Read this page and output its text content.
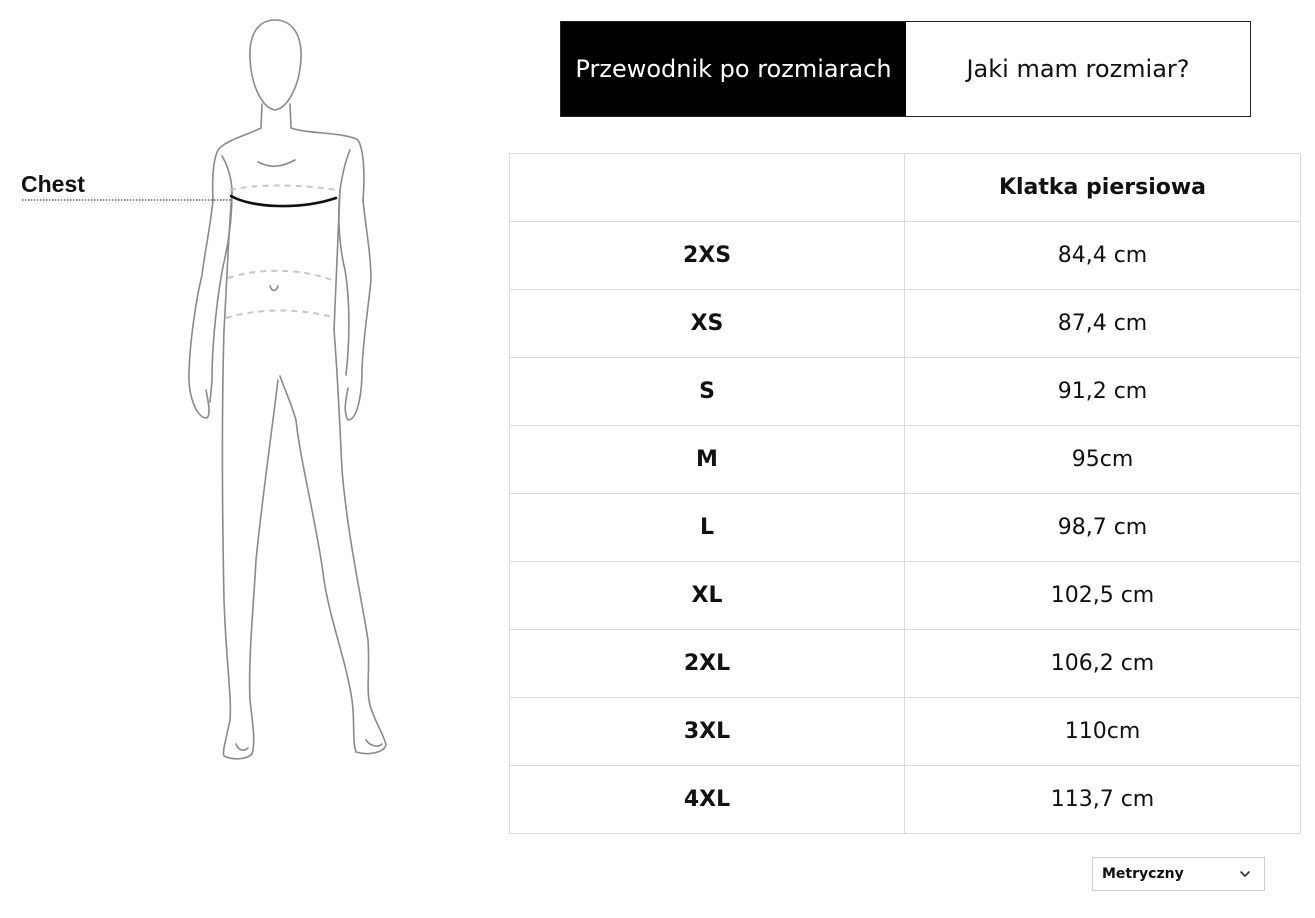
Chest
Przewodnik po rozmiarach	Jaki mam rozmiar?
	Klatka piersiowa
2XS	84,4 cm
XS	87,4 cm
S	91,2 cm
M	95cm
L	98,7 cm
XL	102,5 cm
2XL	106,2 cm
3XL	110cm
4XL	113,7 cm
Metryczny
